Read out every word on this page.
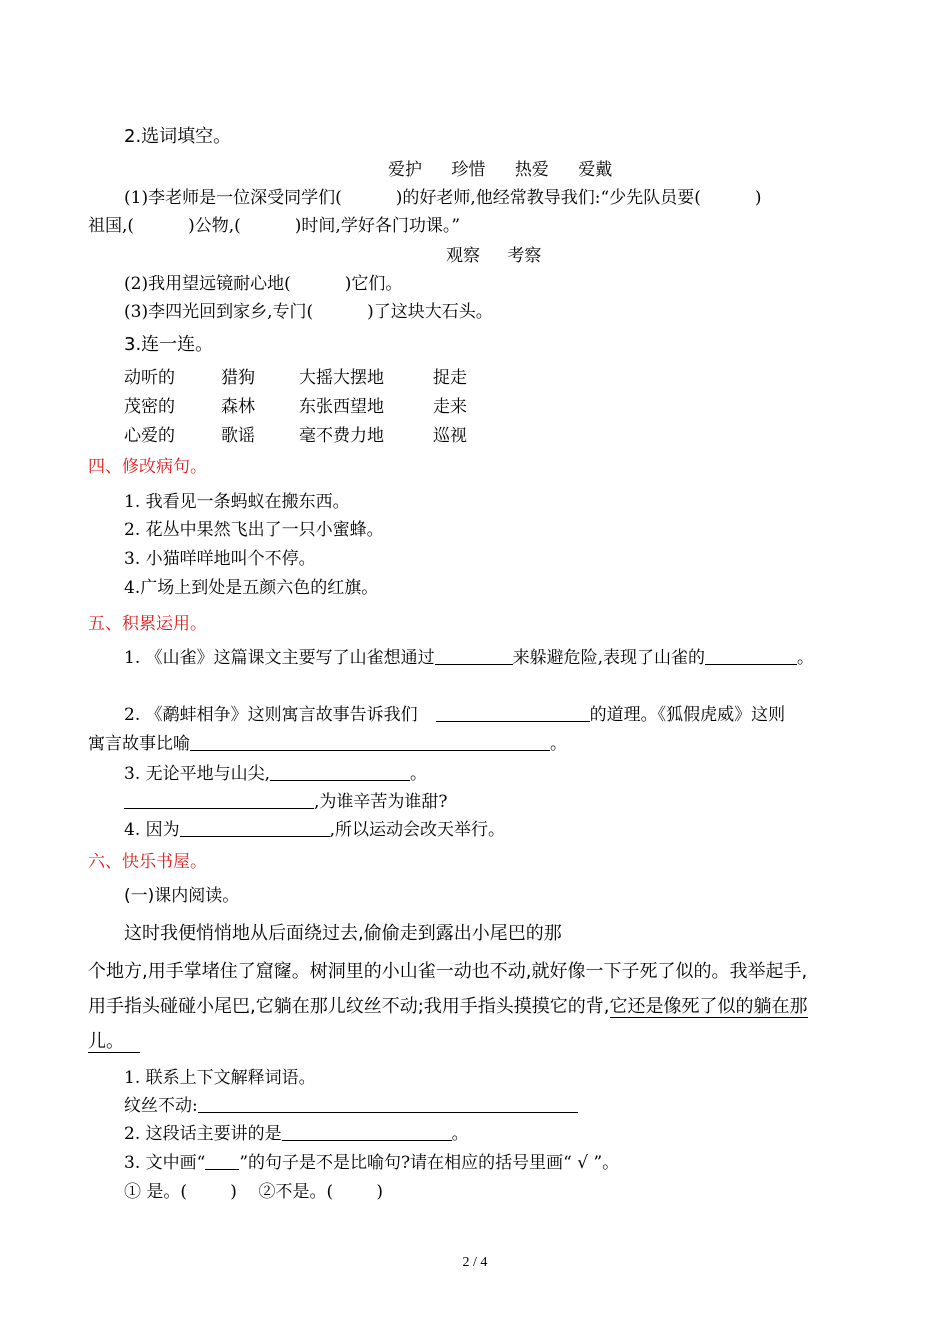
2.选词填空。
爱护 珍惜 热爱 爱戴
(1)李老师是一位深受同学们(          )的好老师,他经常教导我们:“少先队员要(          )
祖国,(          )公物,(          )时间,学好各门功课。”
观察 考察
(2)我用望远镜耐心地(          )它们。
(3)李四光回到家乡,专门(          )了这块大石头。
3.连一连。
动听的	猎狗	大摇大摆地	捉走
茂密的	森林	东张西望地	走来
心爱的	歌谣	毫不费力地	巡视
四、修改病句。
1. 我看见一条蚂蚁在搬东西。
2. 花丛中果然飞出了一只小蜜蜂。
3. 小猫咩咩地叫个不停。
4.广场上到处是五颜六色的红旗。
五、积累运用。
1. 《山雀》这篇课文主要写了山雀想通过	来躲避危险,表现了山雀的	。
2. 《鹬蚌相争》这则寓言故事告诉我们	的道理。《狐假虎威》这则
寓言故事比喻	。
3. 无论平地与山尖,	。
,为谁辛苦为谁甜?
4. 因为	,所以运动会改天举行。
六、快乐书屋。
(一)课内阅读。
这时我便悄悄地从后面绕过去,偷偷走到露出小尾巴的那
个地方,用手掌堵住了窟窿。树洞里的小山雀一动也不动,就好像一下子死了似的。我举起手,
用手指头碰碰小尾巴,它躺在那儿纹丝不动;我用手指头摸摸它的背,它还是像死了似的躺在那
儿。
1. 联系上下文解释词语。
纹丝不动:
2. 这段话主要讲的是	。
3. 文中画“ ”的句子是不是比喻句?请在相应的括号里画“ √ ”。
① 是。(        )    ②不是。(        )
2 / 4
